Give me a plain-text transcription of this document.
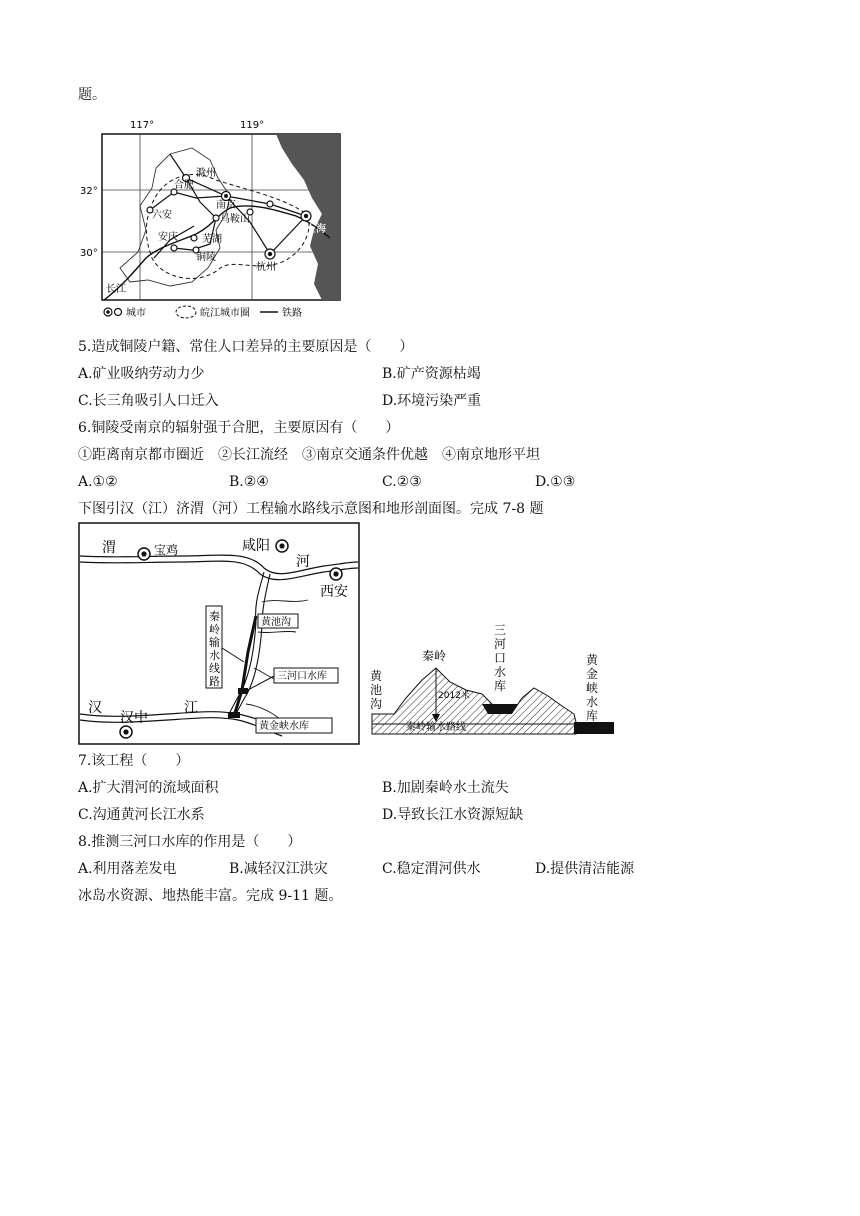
题。
117°	119°
32°
30°
滁州
合肥
六安
南京
马鞍山
安庆 芜湖
铜陵
上海
杭州
长江
城市	皖江城市圈	铁路
5.造成铜陵户籍、常住人口差异的主要原因是（　　）
A.矿业吸纳劳动力少	B.矿产资源枯竭
C.长三角吸引人口迁入	D.环境污染严重
6.铜陵受南京的辐射强于合肥，主要原因有（　　）
①距离南京都市圈近　②长江流经　③南京交通条件优越　④南京地形平坦
A.①②	B.②④	C.②③	D.①③
下图引汉（江）济渭（河）工程输水路线示意图和地形剖面图。完成 7-8 题
黄池沟
三河口水库
黄金峡水库
秦
岭
输
水
线
路
宝鸡	咸阳
西安
汉中
渭
河
汉	江
2012米
秦岭
秦岭输水路线
黄
池
沟
三
河
口
水
库
黄
金
峡
水
库
7.该工程（　　）
A.扩大渭河的流域面积	B.加剧秦岭水土流失
C.沟通黄河长江水系	D.导致长江水资源短缺
8.推测三河口水库的作用是（　　）
A.利用落差发电	B.减轻汉江洪灾	C.稳定渭河供水	D.提供清洁能源
冰岛水资源、地热能丰富。完成 9-11 题。
